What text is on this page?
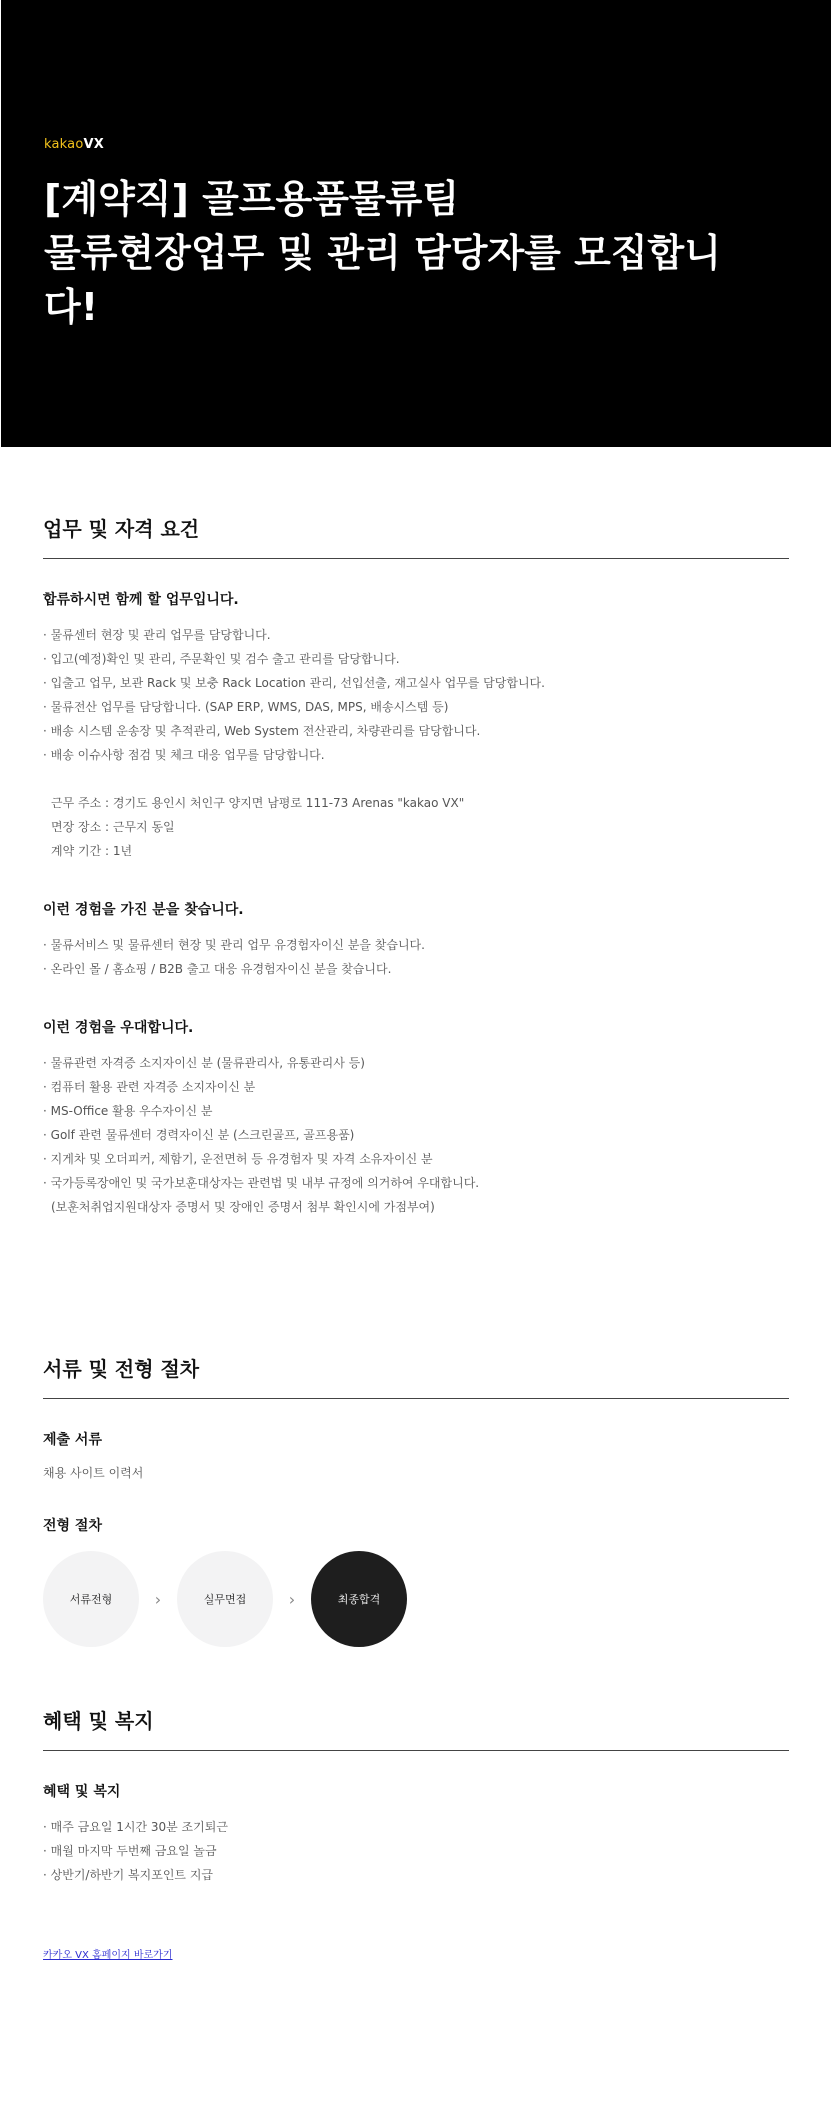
kakaoVX
[계약직] 골프용품물류팀
물류현장업무 및 관리 담당자를 모집합니
다!
업무 및 자격 요건
합류하시면 함께 할 업무입니다.
· 물류센터 현장 및 관리 업무를 담당합니다.
· 입고(예정)확인 및 관리, 주문확인 및 검수 출고 관리를 담당합니다.
· 입출고 업무, 보관 Rack 및 보충 Rack Location 관리, 선입선출, 재고실사 업무를 담당합니다.
· 물류전산 업무를 담당합니다. (SAP ERP, WMS, DAS, MPS, 배송시스템 등)
· 배송 시스템 운송장 및 추적관리, Web System 전산관리, 차량관리를 담당합니다.
· 배송 이슈사항 점검 및 체크 대응 업무를 담당합니다.
근무 주소 : 경기도 용인시 처인구 양지면 남평로 111-73 Arenas "kakao VX"
면장 장소 : 근무지 동일
계약 기간 : 1년
이런 경험을 가진 분을 찾습니다.
· 물류서비스 및 물류센터 현장 및 관리 업무 유경험자이신 분을 찾습니다.
· 온라인 몰 / 홈쇼핑 / B2B 출고 대응 유경험자이신 분을 찾습니다.
이런 경험을 우대합니다.
· 물류관련 자격증 소지자이신 분 (물류관리사, 유통관리사 등)
· 컴퓨터 활용 관련 자격증 소지자이신 분
· MS-Office 활용 우수자이신 분
· Golf 관련 물류센터 경력자이신 분 (스크린골프, 골프용품)
· 지게차 및 오더피커, 제함기, 운전면허 등 유경험자 및 자격 소유자이신 분
· 국가등록장애인 및 국가보훈대상자는 관련법 및 내부 규정에 의거하여 우대합니다.
(보훈처취업지원대상자 증명서 및 장애인 증명서 첨부 확인시에 가점부여)
서류 및 전형 절차
제출 서류
채용 사이트 이력서
전형 절차
서류전형	›	실무면접	›	최종합격
혜택 및 복지
혜택 및 복지
· 매주 금요일 1시간 30분 조기퇴근
· 매월 마지막 두번째 금요일 놀금
· 상반기/하반기 복지포인트 지급
카카오 VX 홈페이지 바로가기
